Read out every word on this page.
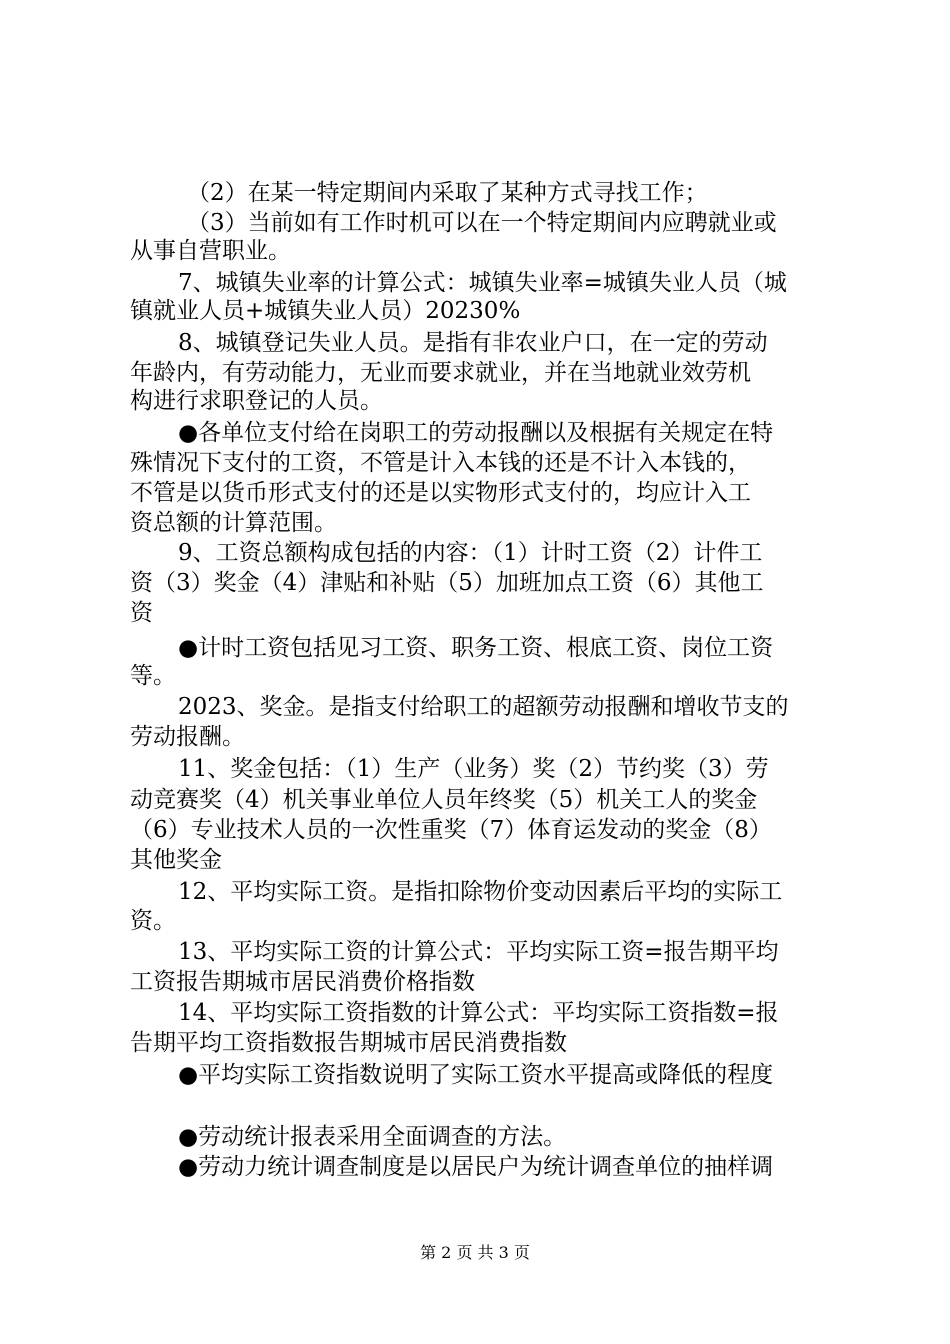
（2）在某一特定期间内采取了某种方式寻找工作；
（3）当前如有工作时机可以在一个特定期间内应聘就业或
从事自营职业。
7、城镇失业率的计算公式：城镇失业率=城镇失业人员（城
镇就业人员+城镇失业人员）20230%
8、城镇登记失业人员。是指有非农业户口，在一定的劳动
年龄内，有劳动能力，无业而要求就业，并在当地就业效劳机
构进行求职登记的人员。
●各单位支付给在岗职工的劳动报酬以及根据有关规定在特
殊情况下支付的工资，不管是计入本钱的还是不计入本钱的，
不管是以货币形式支付的还是以实物形式支付的，均应计入工
资总额的计算范围。
9、工资总额构成包括的内容：（1）计时工资（2）计件工
资（3）奖金（4）津贴和补贴（5）加班加点工资（6）其他工
资
●计时工资包括见习工资、职务工资、根底工资、岗位工资
等。
2023、奖金。是指支付给职工的超额劳动报酬和增收节支的
劳动报酬。
11、奖金包括：（1）生产（业务）奖（2）节约奖（3）劳
动竞赛奖（4）机关事业单位人员年终奖（5）机关工人的奖金
（6）专业技术人员的一次性重奖（7）体育运发动的奖金（8）
其他奖金
12、平均实际工资。是指扣除物价变动因素后平均的实际工
资。
13、平均实际工资的计算公式：平均实际工资=报告期平均
工资报告期城市居民消费价格指数
14、平均实际工资指数的计算公式：平均实际工资指数=报
告期平均工资指数报告期城市居民消费指数
●平均实际工资指数说明了实际工资水平提高或降低的程度
●劳动统计报表采用全面调查的方法。
●劳动力统计调查制度是以居民户为统计调查单位的抽样调
第 2 页 共 3 页
